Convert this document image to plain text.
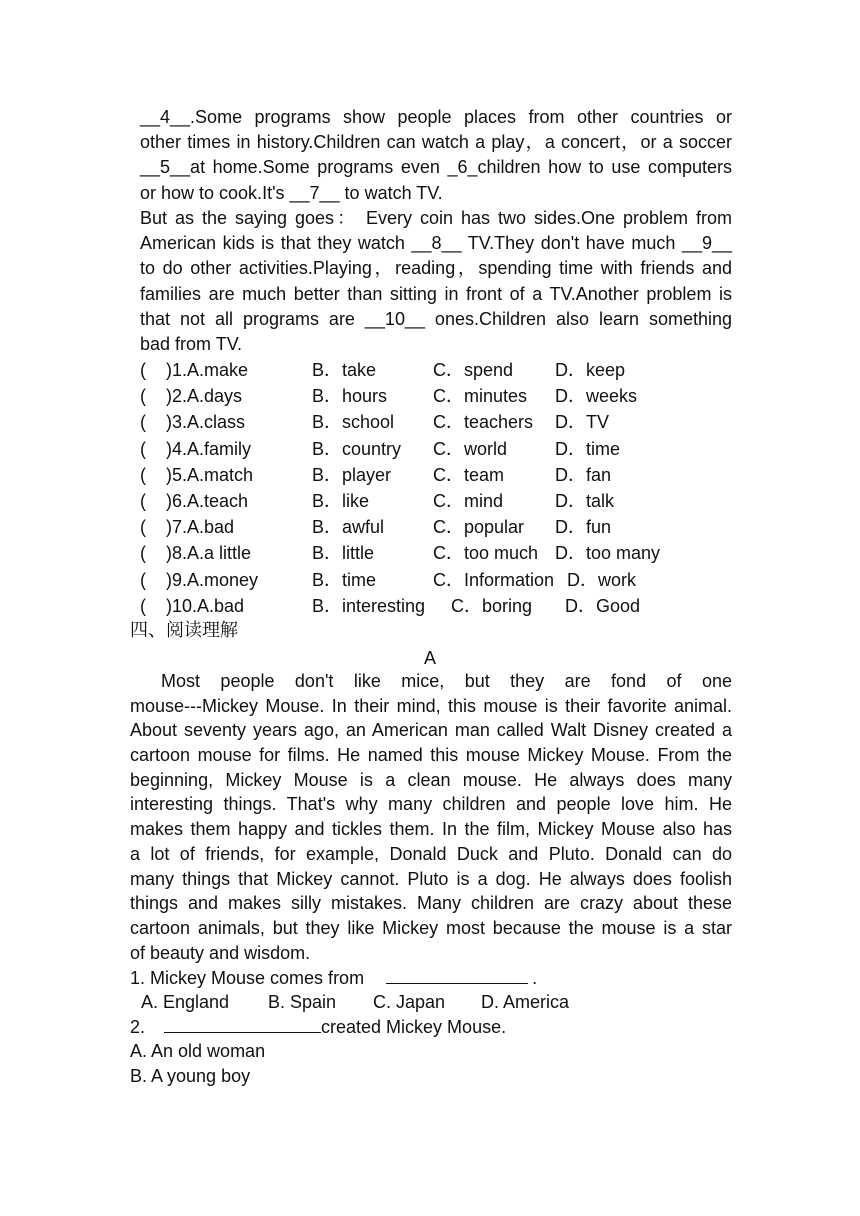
__4__.Some programs show people places from other countries or
other times in history.Children can watch a play，a concert，or a soccer
__5__at home.Some programs even _6_children how to use computers
or how to cook.It's __7__ to watch TV.
But as the saying goes： Every coin has two sides.One problem from
American kids is that they watch __8__ TV.They don't have much __9__
to do other activities.Playing，reading，spending time with friends and
families are much better than sitting in front of a TV.Another problem is
that not all programs are __10__ ones.Children also learn something
bad from TV.
( )1.A.make	B．take	C．spend D．keep
( )2.A.days	B．hours	C．minutes D．weeks
( )3.A.class	B．school C．teachers D．TV
( )4.A.family	B．country C．world	D．time
( )5.A.match	B．player C．team	D．fan
( )6.A.teach	B．like	C．mind	D．talk
( )7.A.bad	B．awful	C．popular D．fun
( )8.A.a little	B．little	C．too much D．too many
( )9.A.money	B．time	C．Information D．work
( )10.A.bad	B．interesting C．boring D．Good
四、阅读理解
A
Most people don't like mice, but they are fond of one
mouse---Mickey Mouse. In their mind, this mouse is their favorite animal.
About seventy years ago, an American man called Walt Disney created a
cartoon mouse for films. He named this mouse Mickey Mouse. From the
beginning, Mickey Mouse is a clean mouse. He always does many
interesting things. That's why many children and people love him. He
makes them happy and tickles them. In the film, Mickey Mouse also has
a lot of friends, for example, Donald Duck and Pluto. Donald can do
many things that Mickey cannot. Pluto is a dog. He always does foolish
things and makes silly mistakes. Many children are crazy about these
cartoon animals, but they like Mickey most because the mouse is a star
of beauty and wisdom.
1. Mickey Mouse comes from	.
A. England B. Spain C. Japan D. America
2.	created Mickey Mouse.
A. An old woman
B. A young boy
